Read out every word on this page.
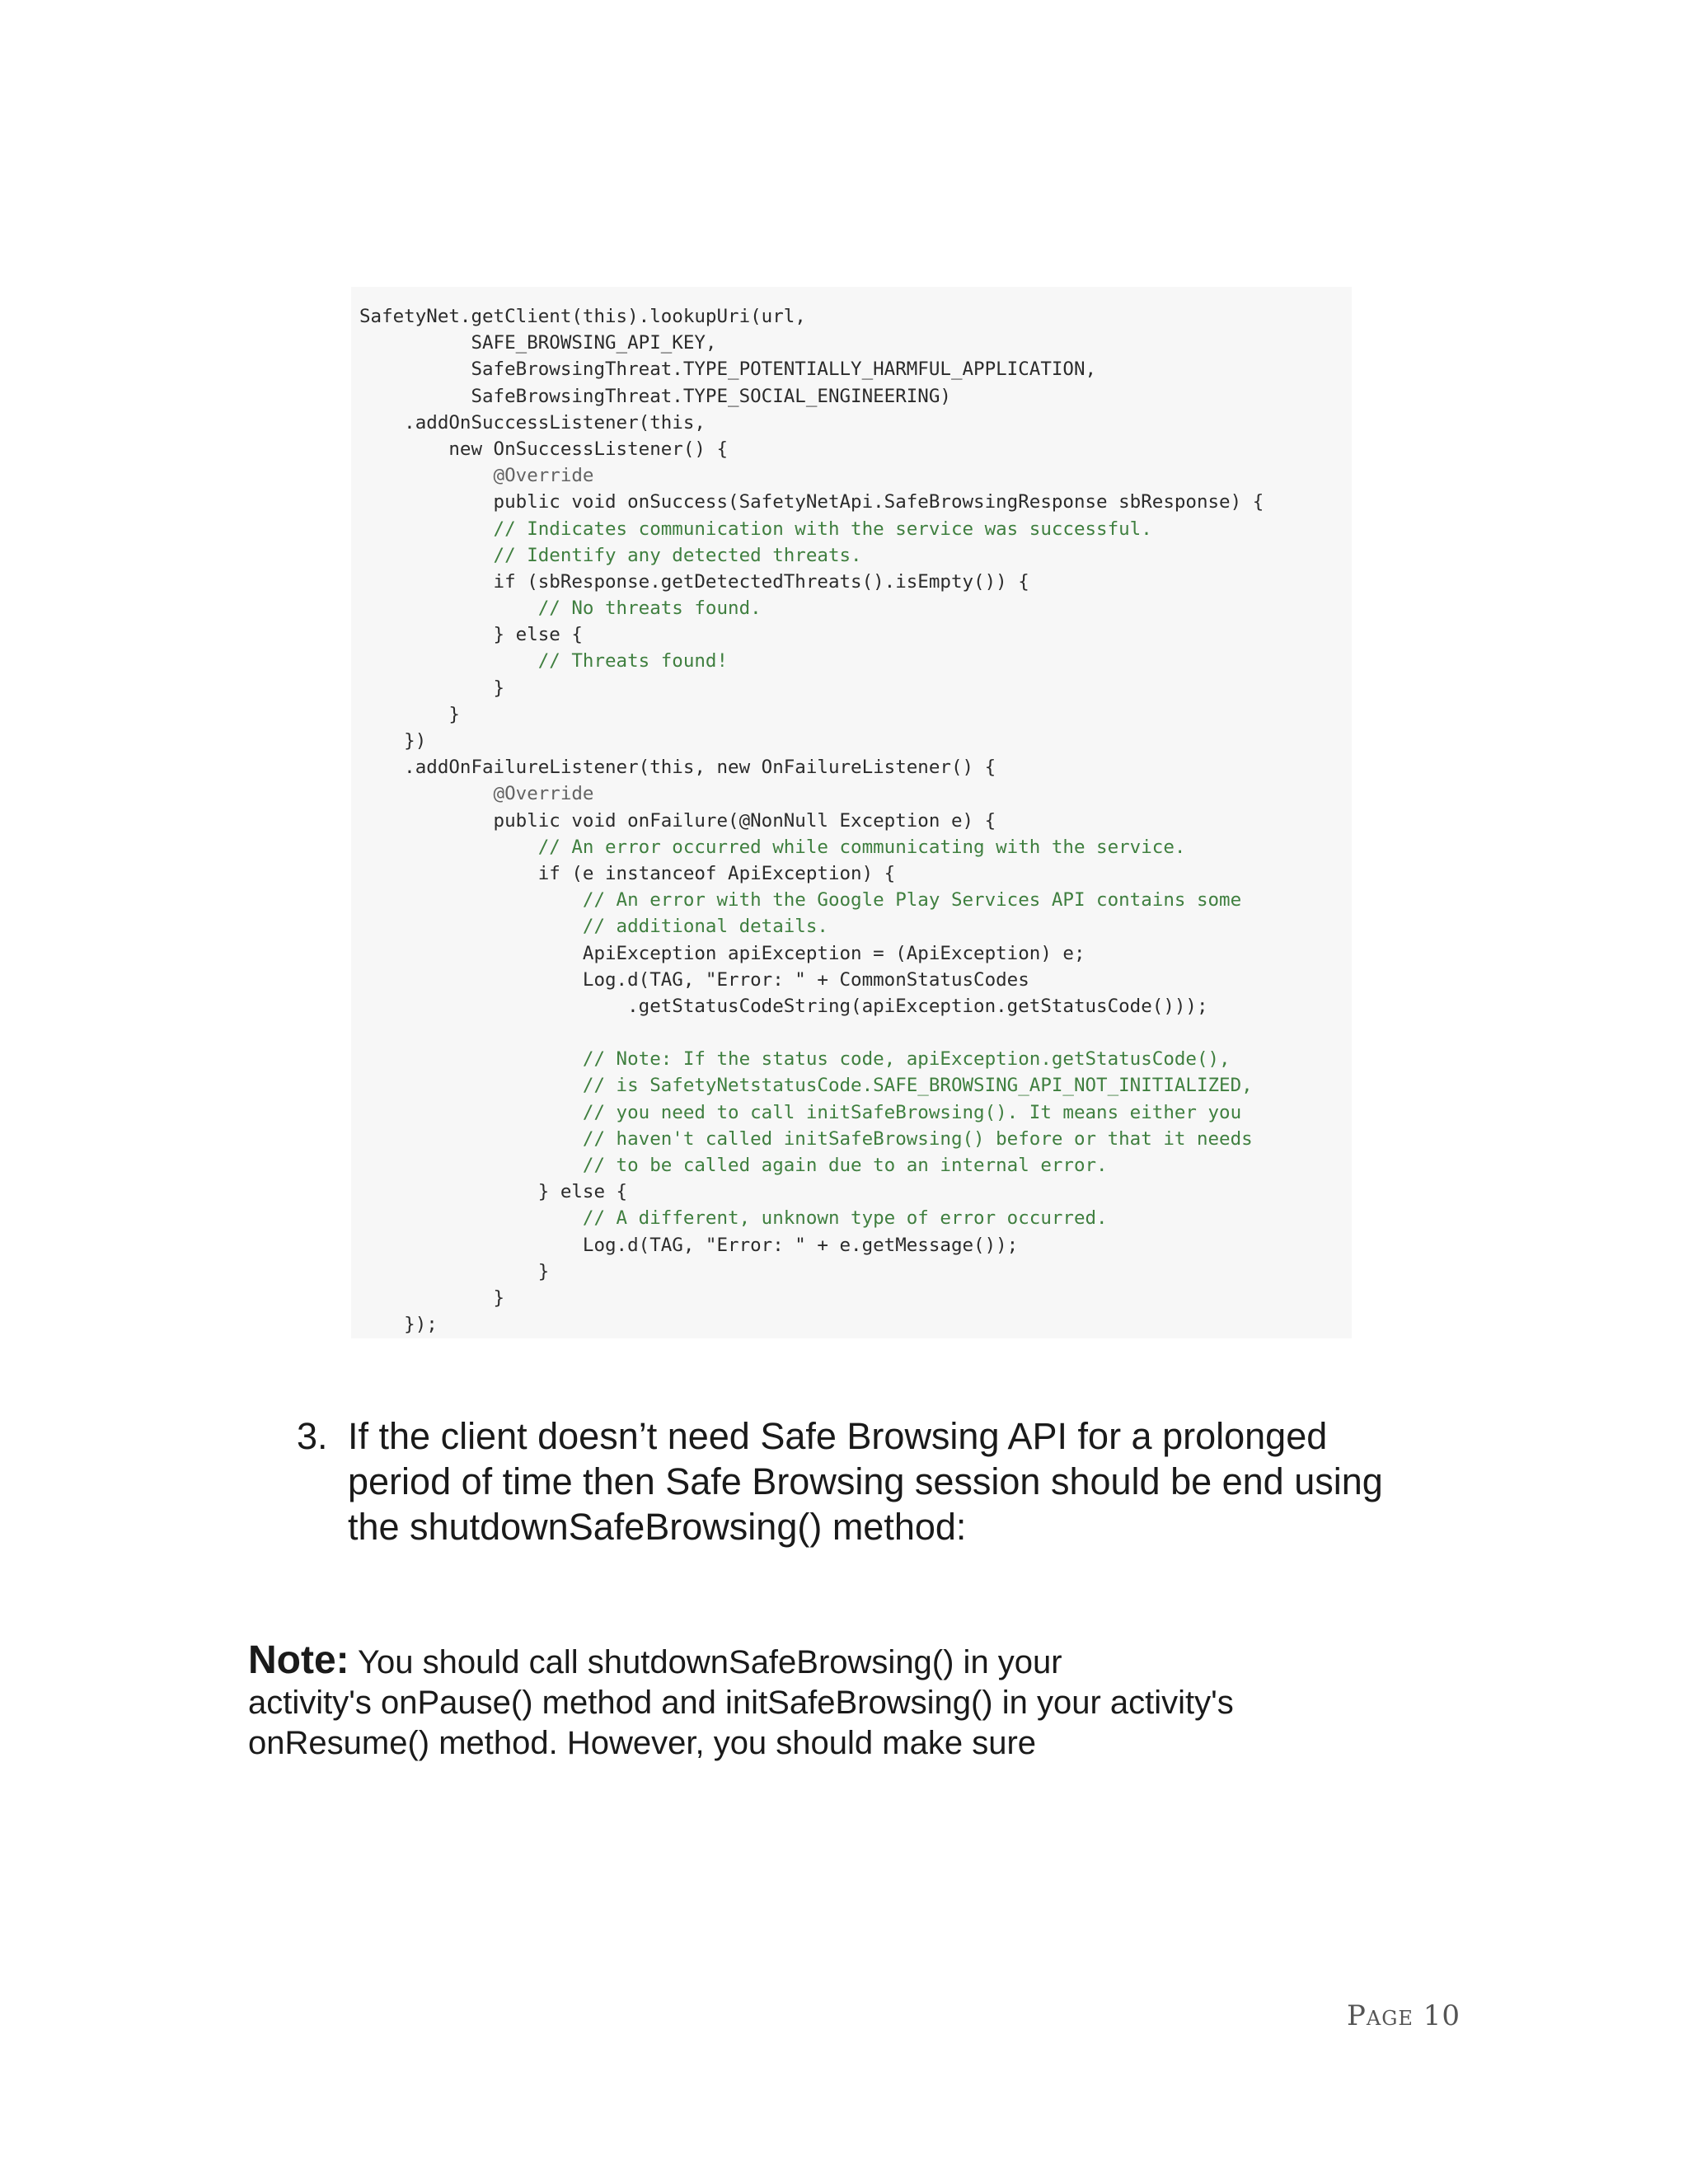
SafetyNet.getClient(this).lookupUri(url,
SAFE_BROWSING_API_KEY,
SafeBrowsingThreat.TYPE_POTENTIALLY_HARMFUL_APPLICATION,
SafeBrowsingThreat.TYPE_SOCIAL_ENGINEERING)
.addOnSuccessListener(this,
new OnSuccessListener() {
@Override
public void onSuccess(SafetyNetApi.SafeBrowsingResponse sbResponse) {
// Indicates communication with the service was successful.
// Identify any detected threats.
if (sbResponse.getDetectedThreats().isEmpty()) {
// No threats found.
} else {
// Threats found!
}
}
})
.addOnFailureListener(this, new OnFailureListener() {
@Override
public void onFailure(@NonNull Exception e) {
// An error occurred while communicating with the service.
if (e instanceof ApiException) {
// An error with the Google Play Services API contains some
// additional details.
ApiException apiException = (ApiException) e;
Log.d(TAG, "Error: " + CommonStatusCodes
.getStatusCodeString(apiException.getStatusCode()));
// Note: If the status code, apiException.getStatusCode(),
// is SafetyNetstatusCode.SAFE_BROWSING_API_NOT_INITIALIZED,
// you need to call initSafeBrowsing(). It means either you
// haven't called initSafeBrowsing() before or that it needs
// to be called again due to an internal error.
} else {
// A different, unknown type of error occurred.
Log.d(TAG, "Error: " + e.getMessage());
}
}
});
3. If the client doesn’t need Safe Browsing API for a prolonged
period of time then Safe Browsing session should be end using
the shutdownSafeBrowsing() method:
Note: You should call shutdownSafeBrowsing() in your
activity's onPause() method and initSafeBrowsing() in your activity's
onResume() method. However, you should make sure
Page 10
